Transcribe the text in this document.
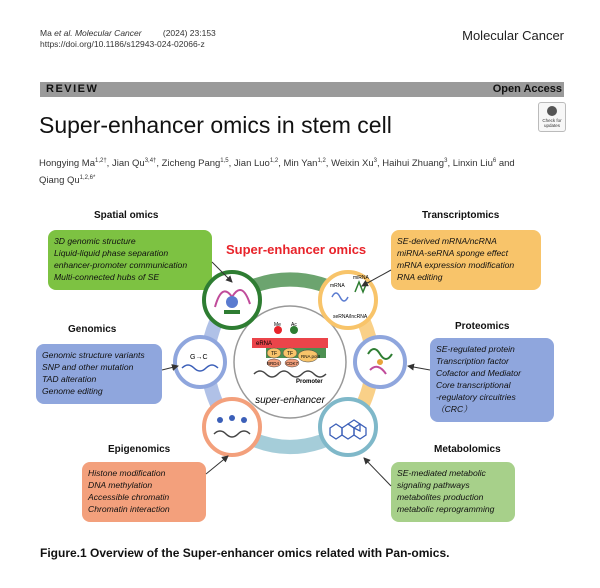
Ma et al. Molecular Cancer	(2024) 23:153
https://doi.org/10.1186/s12943-024-02066-z
Molecular Cancer
REVIEW	Open Access
Super-enhancer omics in stem cell	Check for
updates
Hongying $Ma^{1,2\dagger}$, Jian $Qu^{3,4\dagger}$, Zicheng Pang$^{1,5}$, Jian Luo$^{1,2}$, Min Yan$^{1,2}$, Weixin Xu$^3$, Haihui Zhuang$^3$, Linxin Liu$^6$ and
Qiang $Qu^{1,2,6*}$
Spatial omics	Transcriptomics
Genomics	Proteomics
Epigenomics	Metabolomics
3D genomic structure
Liquid-liquid phase separation
enhancer-promoter communication
Multi-connected hubs of SE
SE-derived mRNA/ncRNA
miRNA-seRNA sponge effect
mRNA expression modification
RNA editing
Genomic structure variants
SNP and other mutation
TAD alteration
Genome editing
SE-regulated protein
Transcription factor
Cofactor and Mediator
Core transcriptional
-regulatory circuitries
（CRC）
Histone modification
DNA methylation
Accessible chromatin
Chromatin interaction
SE-mediated metabolic
signaling pathways
metabolites production
metabolic reprogramming
mRNA
miRNA
seRNA/lncRNA
G→C
Me Ac
eRNA
TF TF RNA polII
BRD4 CDK7
Promoter
super-enhancer
Super-enhancer omics
Figure.1 Overview of the Super-enhancer omics related with Pan-omics.
